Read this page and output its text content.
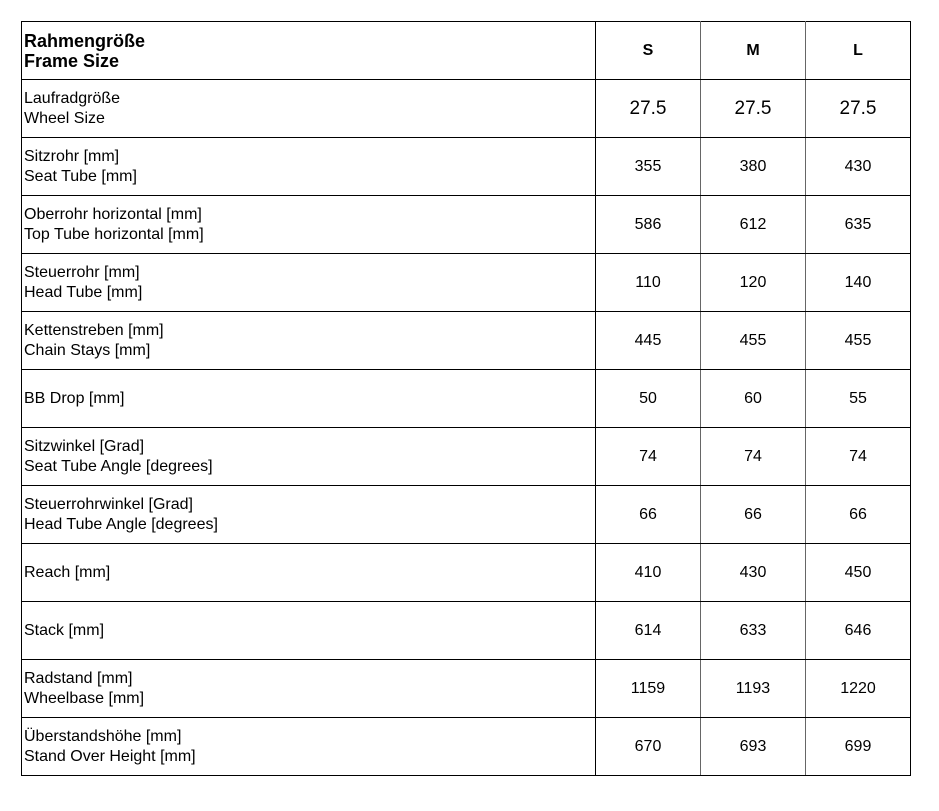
Rahmengröße
Frame Size	S	M	L

Laufradgröße
Wheel Size	27.5	27.5	27.5

Sitzrohr [mm]
Seat Tube [mm]	355	380	430

Oberrohr horizontal [mm]
Top Tube horizontal [mm]	586	612	635

Steuerrohr [mm]
Head Tube [mm]	110	120	140

Kettenstreben [mm]
Chain Stays [mm]	445	455	455

BB Drop [mm]	50	60	55

Sitzwinkel [Grad]
Seat Tube Angle [degrees]	74	74	74

Steuerrohrwinkel [Grad]
Head Tube Angle [degrees]	66	66	66

Reach [mm]	410	430	450

Stack [mm]	614	633	646

Radstand [mm]
Wheelbase [mm]	1159	1193	1220

Überstandshöhe [mm]
Stand Over Height [mm]	670	693	699
